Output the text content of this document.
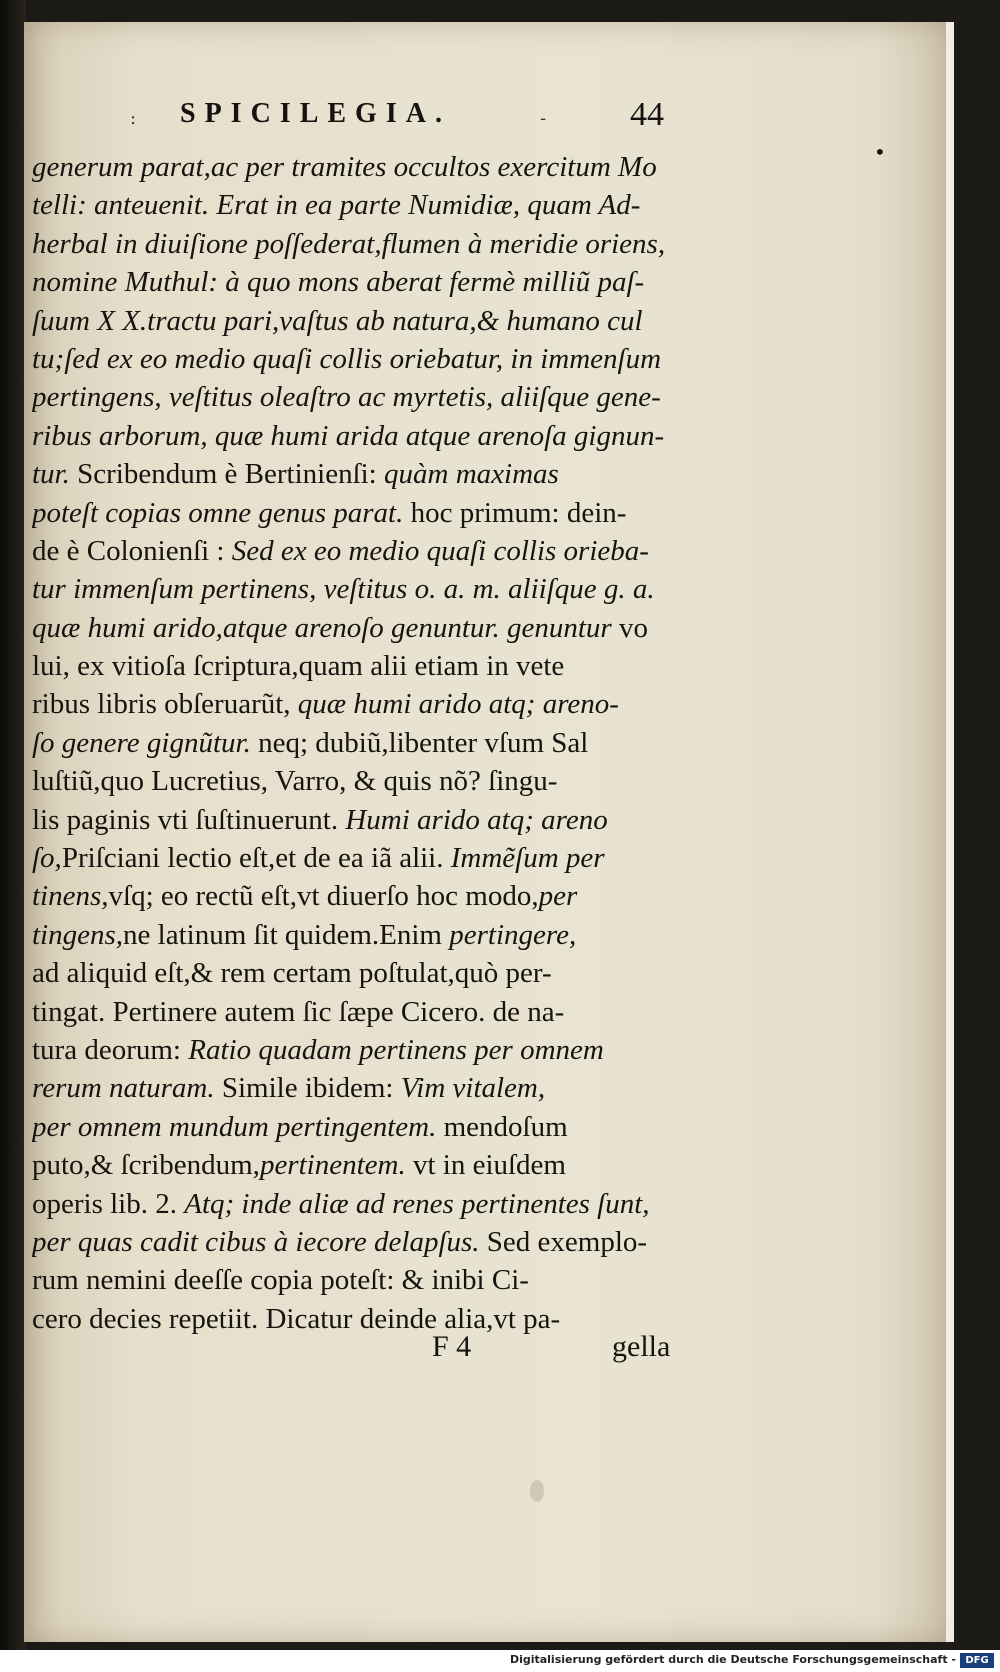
: SPICILEGIA.	- 44
•
•
generum parat,ac per tramites occultos exercitum Mo
telli: anteuenit. Erat in ea parte Numidiæ, quam Ad-
herbal in diuiſione poſſederat,flumen à meridie oriens,
nomine Muthul: à quo mons aberat fermè milliũ paſ-
ſuum X X.tractu pari,vaſtus ab natura,& humano cul
tu;ſed ex eo medio quaſi collis oriebatur, in immenſum
pertingens, veſtitus oleaſtro ac myrtetis, aliiſque gene-
ribus arborum, quæ humi arida atque arenoſa gignun-
tur. Scribendum è Bertinienſi: quàm maximas
poteſt copias omne genus parat. hoc primum: dein-
de è Colonienſi : Sed ex eo medio quaſi collis orieba-
tur immenſum pertinens, veſtitus o. a. m. aliiſque g. a.
quæ humi arido,atque arenoſo genuntur. genuntur vo
lui, ex vitioſa ſcriptura,quam alii etiam in vete
ribus libris obſeruarũt, quæ humi arido atq; areno-
ſo genere gignũtur. neq; dubiũ,libenter vſum Sal
luſtiũ,quo Lucretius, Varro, & quis nõ? ſingu-
lis paginis vti ſuſtinuerunt. Humi arido atq; areno
ſo,Priſciani lectio eſt,et de ea iã alii. Immẽſum per
tinens,vſq; eo rectũ eſt,vt diuerſo hoc modo,per
tingens,ne latinum ſit quidem.Enim pertingere,
ad aliquid eſt,& rem certam poſtulat,quò per-
tingat. Pertinere autem ſic ſæpe Cicero. de na-
tura deorum: Ratio quadam pertinens per omnem
rerum naturam. Simile ibidem: Vim vitalem,
per omnem mundum pertingentem. mendoſum
puto,& ſcribendum,pertinentem. vt in eiuſdem
operis lib. 2. Atq; inde aliæ ad renes pertinentes ſunt,
per quas cadit cibus à iecore delapſus. Sed exemplo-
rum nemini deeſſe copia poteſt: & inibi Ci-
cero decies repetiit. Dicatur deinde alia,vt pa-
F 4	gella
Digitalisierung gefördert durch die Deutsche Forschungsgemeinschaft - DFG
